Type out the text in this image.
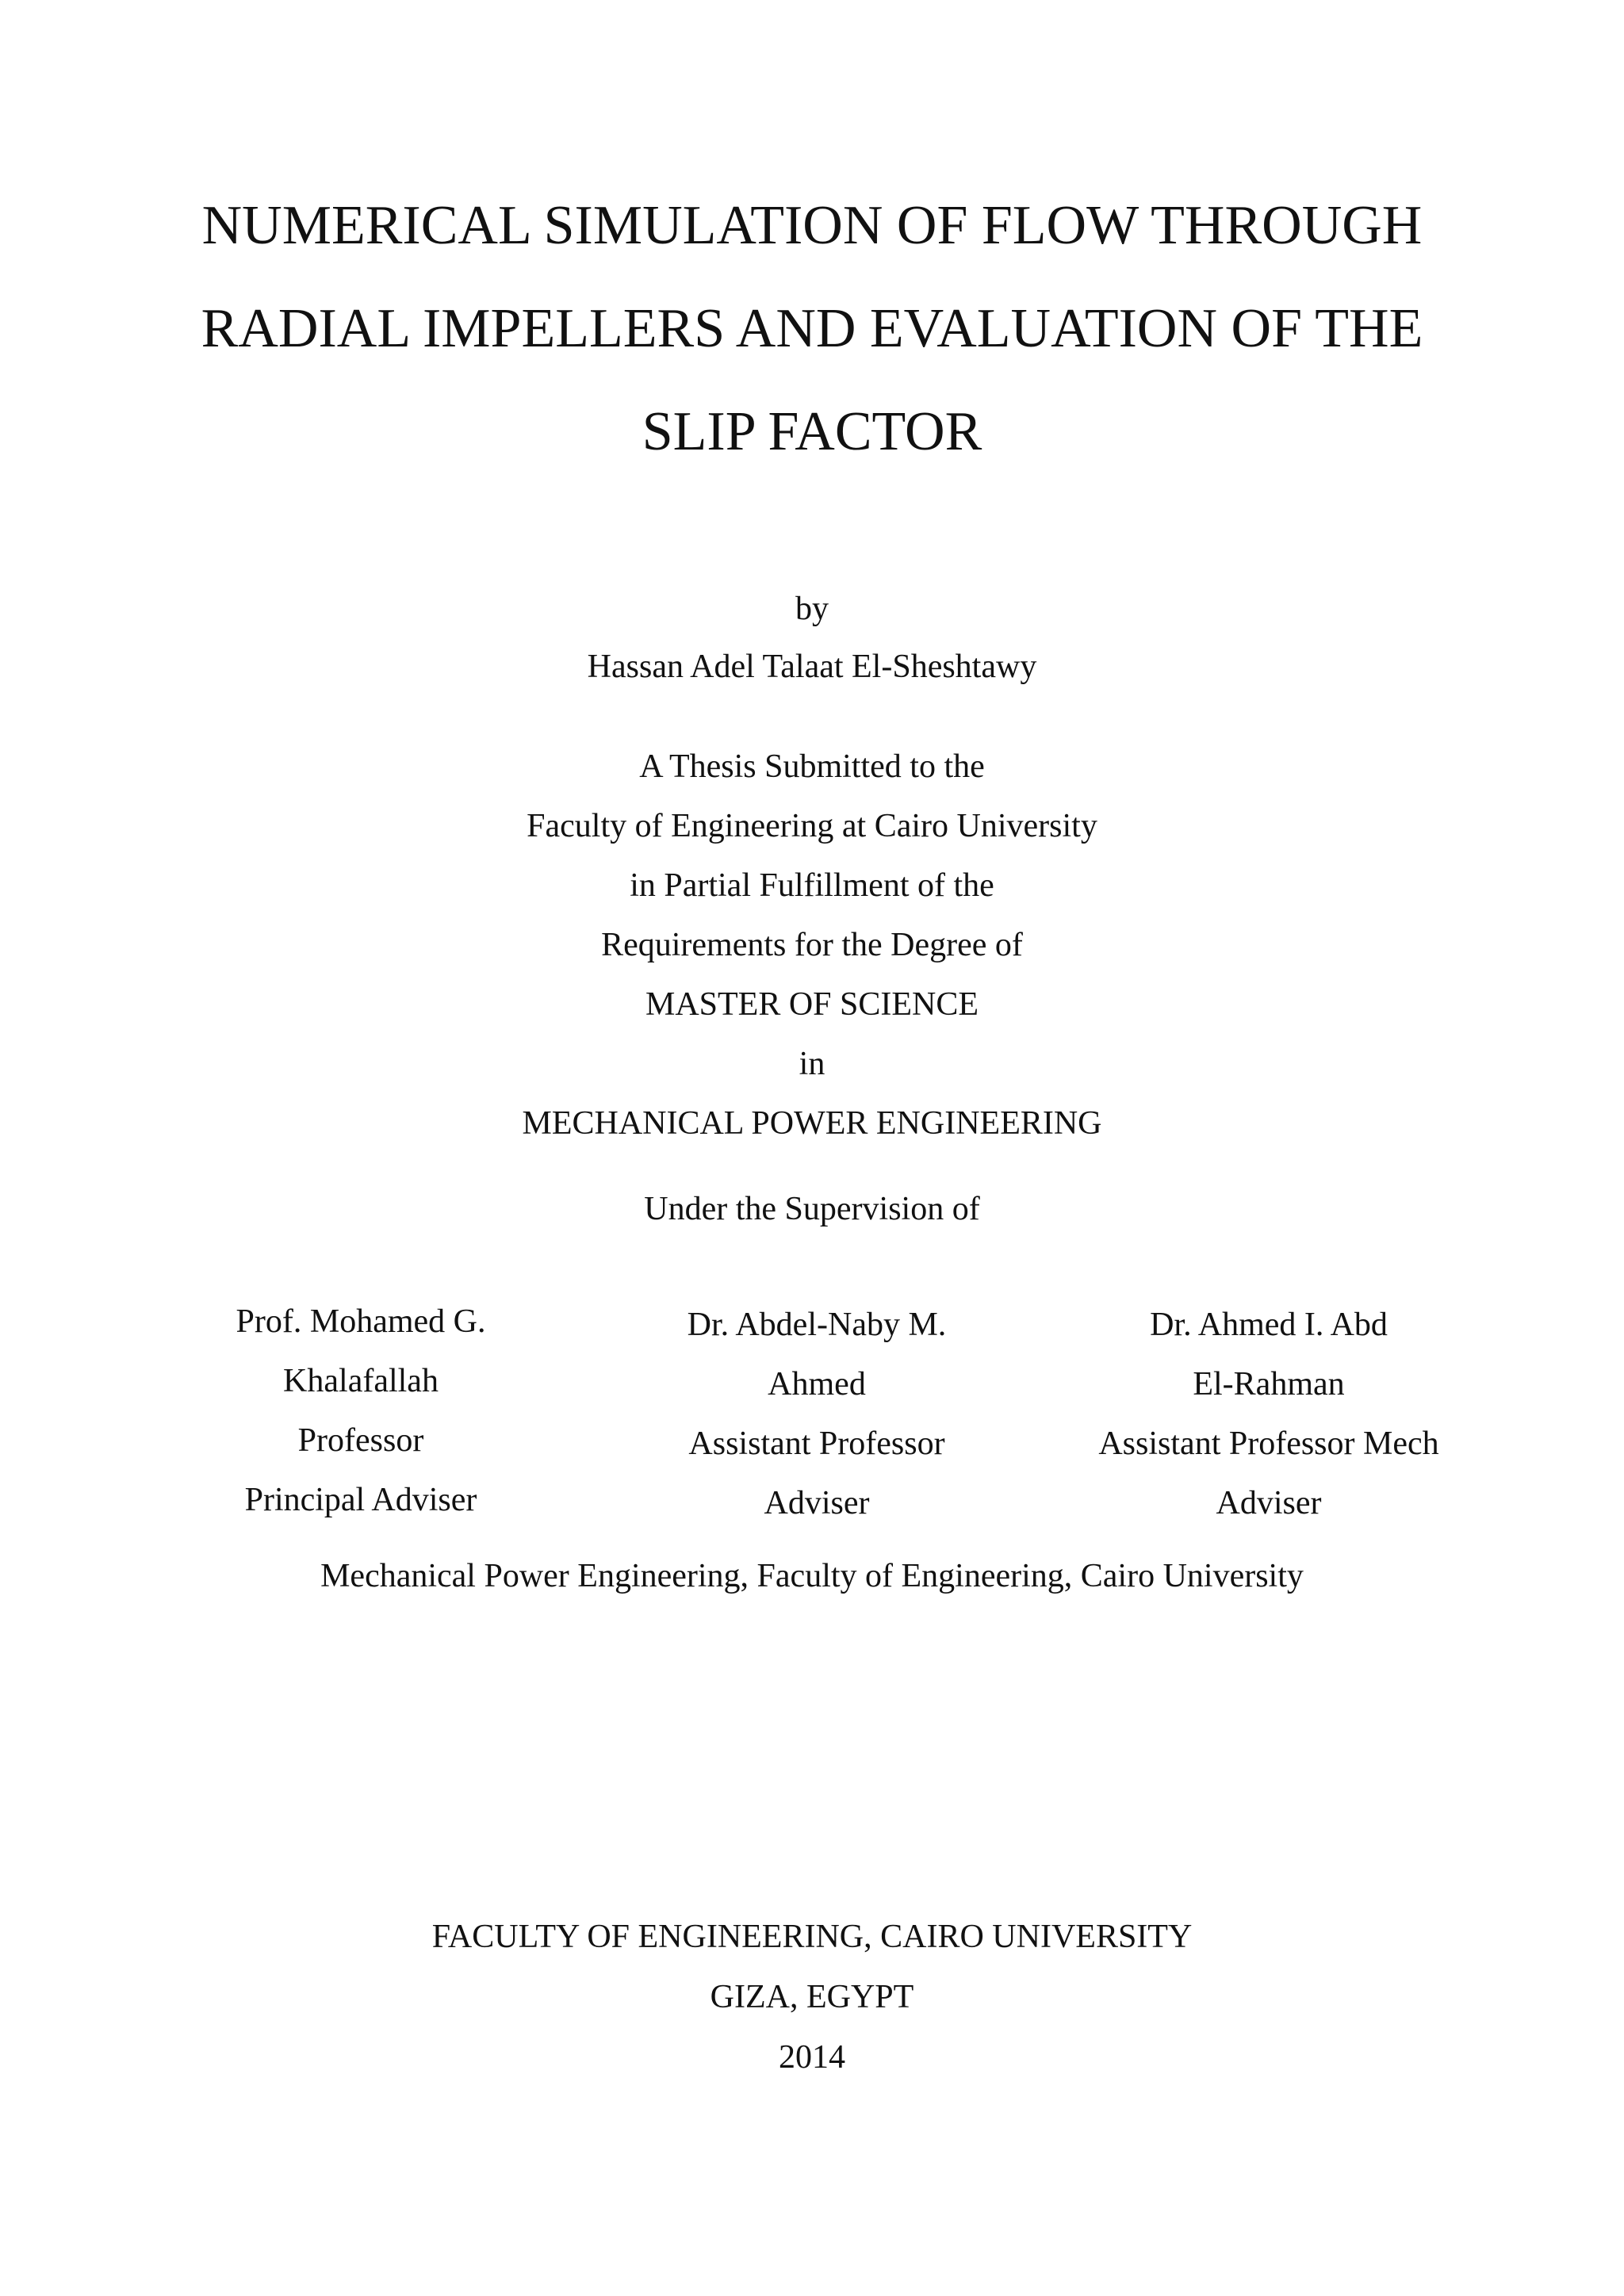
NUMERICAL SIMULATION OF FLOW THROUGH
RADIAL IMPELLERS AND EVALUATION OF THE
SLIP FACTOR
by
Hassan Adel Talaat El-Sheshtawy
A Thesis Submitted to the
Faculty of Engineering at Cairo University
in Partial Fulfillment of the
Requirements for the Degree of
MASTER OF SCIENCE
in
MECHANICAL POWER ENGINEERING
Under the Supervision of
Prof. Mohamed G.
Khalafallah
Professor
Principal Adviser
Dr. Abdel-Naby M.
Ahmed
Assistant Professor
Adviser
Dr. Ahmed I. Abd
El-Rahman
Assistant Professor Mech
Adviser
Mechanical Power Engineering, Faculty of Engineering, Cairo University
FACULTY OF ENGINEERING, CAIRO UNIVERSITY
GIZA, EGYPT
2014
